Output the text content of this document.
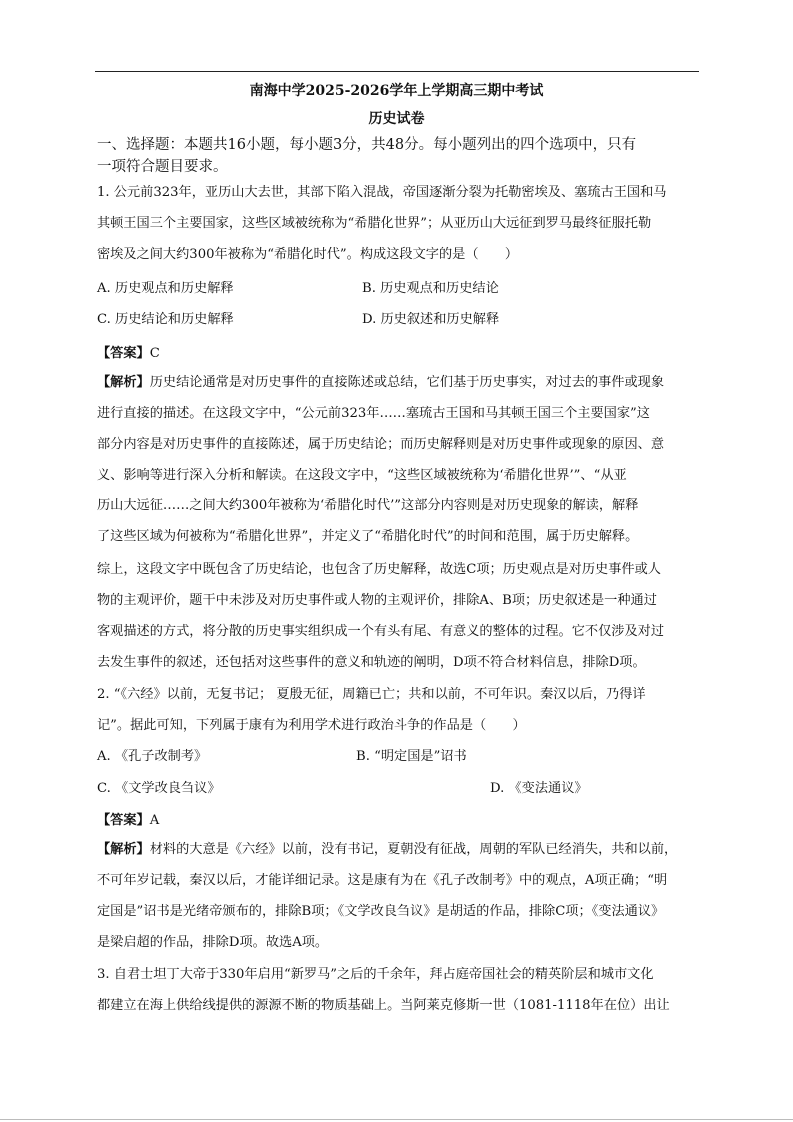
南海中学2025-2026学年上学期高三期中考试
历史试卷
一、选择题：本题共16小题，每小题3分，共48分。每小题列出的四个选项中，只有
一项符合题目要求。
1. 公元前323年，亚历山大去世，其部下陷入混战，帝国逐渐分裂为托勒密埃及、塞琉古王国和马
其顿王国三个主要国家，这些区域被统称为“希腊化世界”；从亚历山大远征到罗马最终征服托勒
密埃及之间大约300年被称为“希腊化时代”。构成这段文字的是（　　）
A. 历史观点和历史解释	B. 历史观点和历史结论
C. 历史结论和历史解释	D. 历史叙述和历史解释
【答案】C
【解析】历史结论通常是对历史事件的直接陈述或总结，它们基于历史事实，对过去的事件或现象
进行直接的描述。在这段文字中，“公元前323年……塞琉古王国和马其顿王国三个主要国家”这
部分内容是对历史事件的直接陈述，属于历史结论；而历史解释则是对历史事件或现象的原因、意
义、影响等进行深入分析和解读。在这段文字中，“这些区域被统称为‘希腊化世界’”、“从亚
历山大远征……之间大约300年被称为‘希腊化时代’”这部分内容则是对历史现象的解读，解释
了这些区域为何被称为“希腊化世界”，并定义了“希腊化时代”的时间和范围，属于历史解释。
综上，这段文字中既包含了历史结论，也包含了历史解释，故选C项；历史观点是对历史事件或人
物的主观评价，题干中未涉及对历史事件或人物的主观评价，排除A、B项；历史叙述是一种通过
客观描述的方式，将分散的历史事实组织成一个有头有尾、有意义的整体的过程。它不仅涉及对过
去发生事件的叙述，还包括对这些事件的意义和轨迹的阐明，D项不符合材料信息，排除D项。
2. “《六经》以前，无复书记； 夏殷无征，周籍已亡；共和以前，不可年识。秦汉以后，乃得详
记”。据此可知，下列属于康有为利用学术进行政治斗争的作品是（　　）
A. 《孔子改制考》	B. “明定国是”诏书
C. 《文学改良刍议》	D. 《变法通议》
【答案】A
【解析】材料的大意是《六经》以前，没有书记，夏朝没有征战，周朝的军队已经消失，共和以前，
不可年岁记载，秦汉以后，才能详细记录。这是康有为在《孔子改制考》中的观点，A项正确；“明
定国是”诏书是光绪帝颁布的，排除B项；《文学改良刍议》是胡适的作品，排除C项；《变法通议》
是梁启超的作品，排除D项。故选A项。
3. 自君士坦丁大帝于330年启用“新罗马”之后的千余年，拜占庭帝国社会的精英阶层和城市文化
都建立在海上供给线提供的源源不断的物质基础上。当阿莱克修斯一世（1081-1118年在位）出让
